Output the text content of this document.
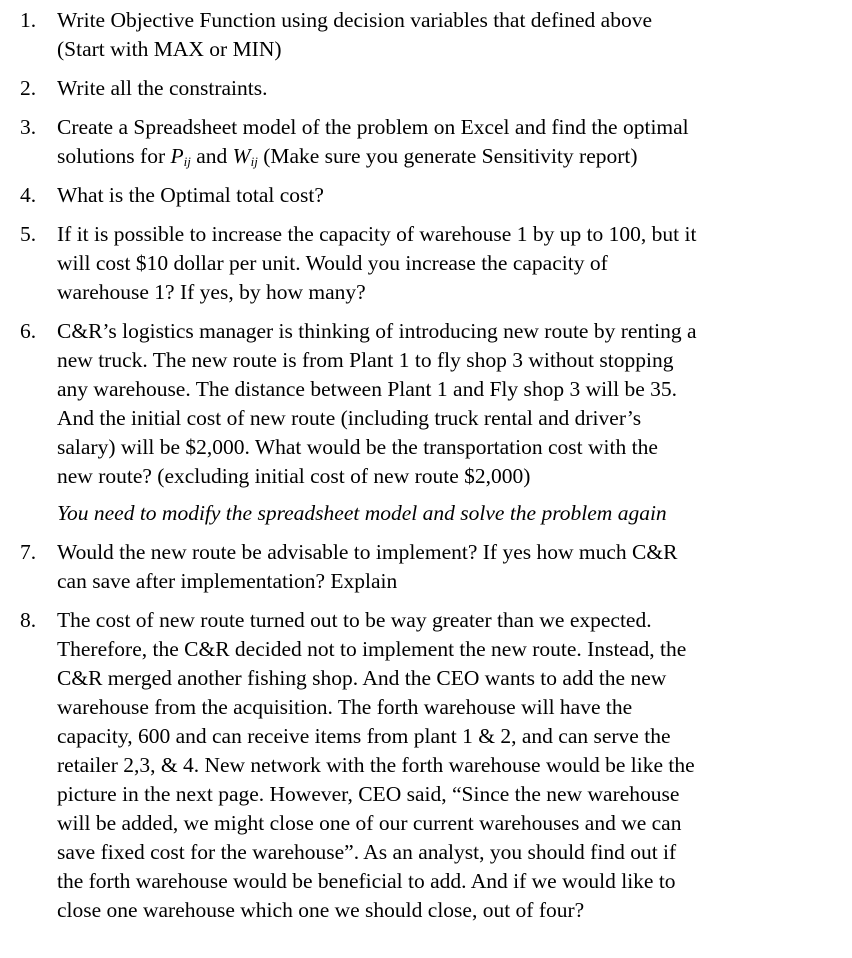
1. Write Objective Function using decision variables that defined above
(Start with MAX or MIN)
2. Write all the constraints.
3. Create a Spreadsheet model of the problem on Excel and find the optimal
solutions for $P_{ij}$ and $W_{ij}$ (Make sure you generate Sensitivity report)
4. What is the Optimal total cost?
5. If it is possible to increase the capacity of warehouse 1 by up to 100, but it
will cost $10 dollar per unit. Would you increase the capacity of
warehouse 1? If yes, by how many?
6. C&R’s logistics manager is thinking of introducing new route by renting a
new truck. The new route is from Plant 1 to fly shop 3 without stopping
any warehouse. The distance between Plant 1 and Fly shop 3 will be 35.
And the initial cost of new route (including truck rental and driver’s
salary) will be $2,000. What would be the transportation cost with the
new route? (excluding initial cost of new route $2,000)
You need to modify the spreadsheet model and solve the problem again
7. Would the new route be advisable to implement? If yes how much C&R
can save after implementation? Explain
8. The cost of new route turned out to be way greater than we expected.
Therefore, the C&R decided not to implement the new route. Instead, the
C&R merged another fishing shop. And the CEO wants to add the new
warehouse from the acquisition. The forth warehouse will have the
capacity, 600 and can receive items from plant 1 & 2, and can serve the
retailer 2,3, & 4. New network with the forth warehouse would be like the
picture in the next page. However, CEO said, “Since the new warehouse
will be added, we might close one of our current warehouses and we can
save fixed cost for the warehouse”. As an analyst, you should find out if
the forth warehouse would be beneficial to add. And if we would like to
close one warehouse which one we should close, out of four?
